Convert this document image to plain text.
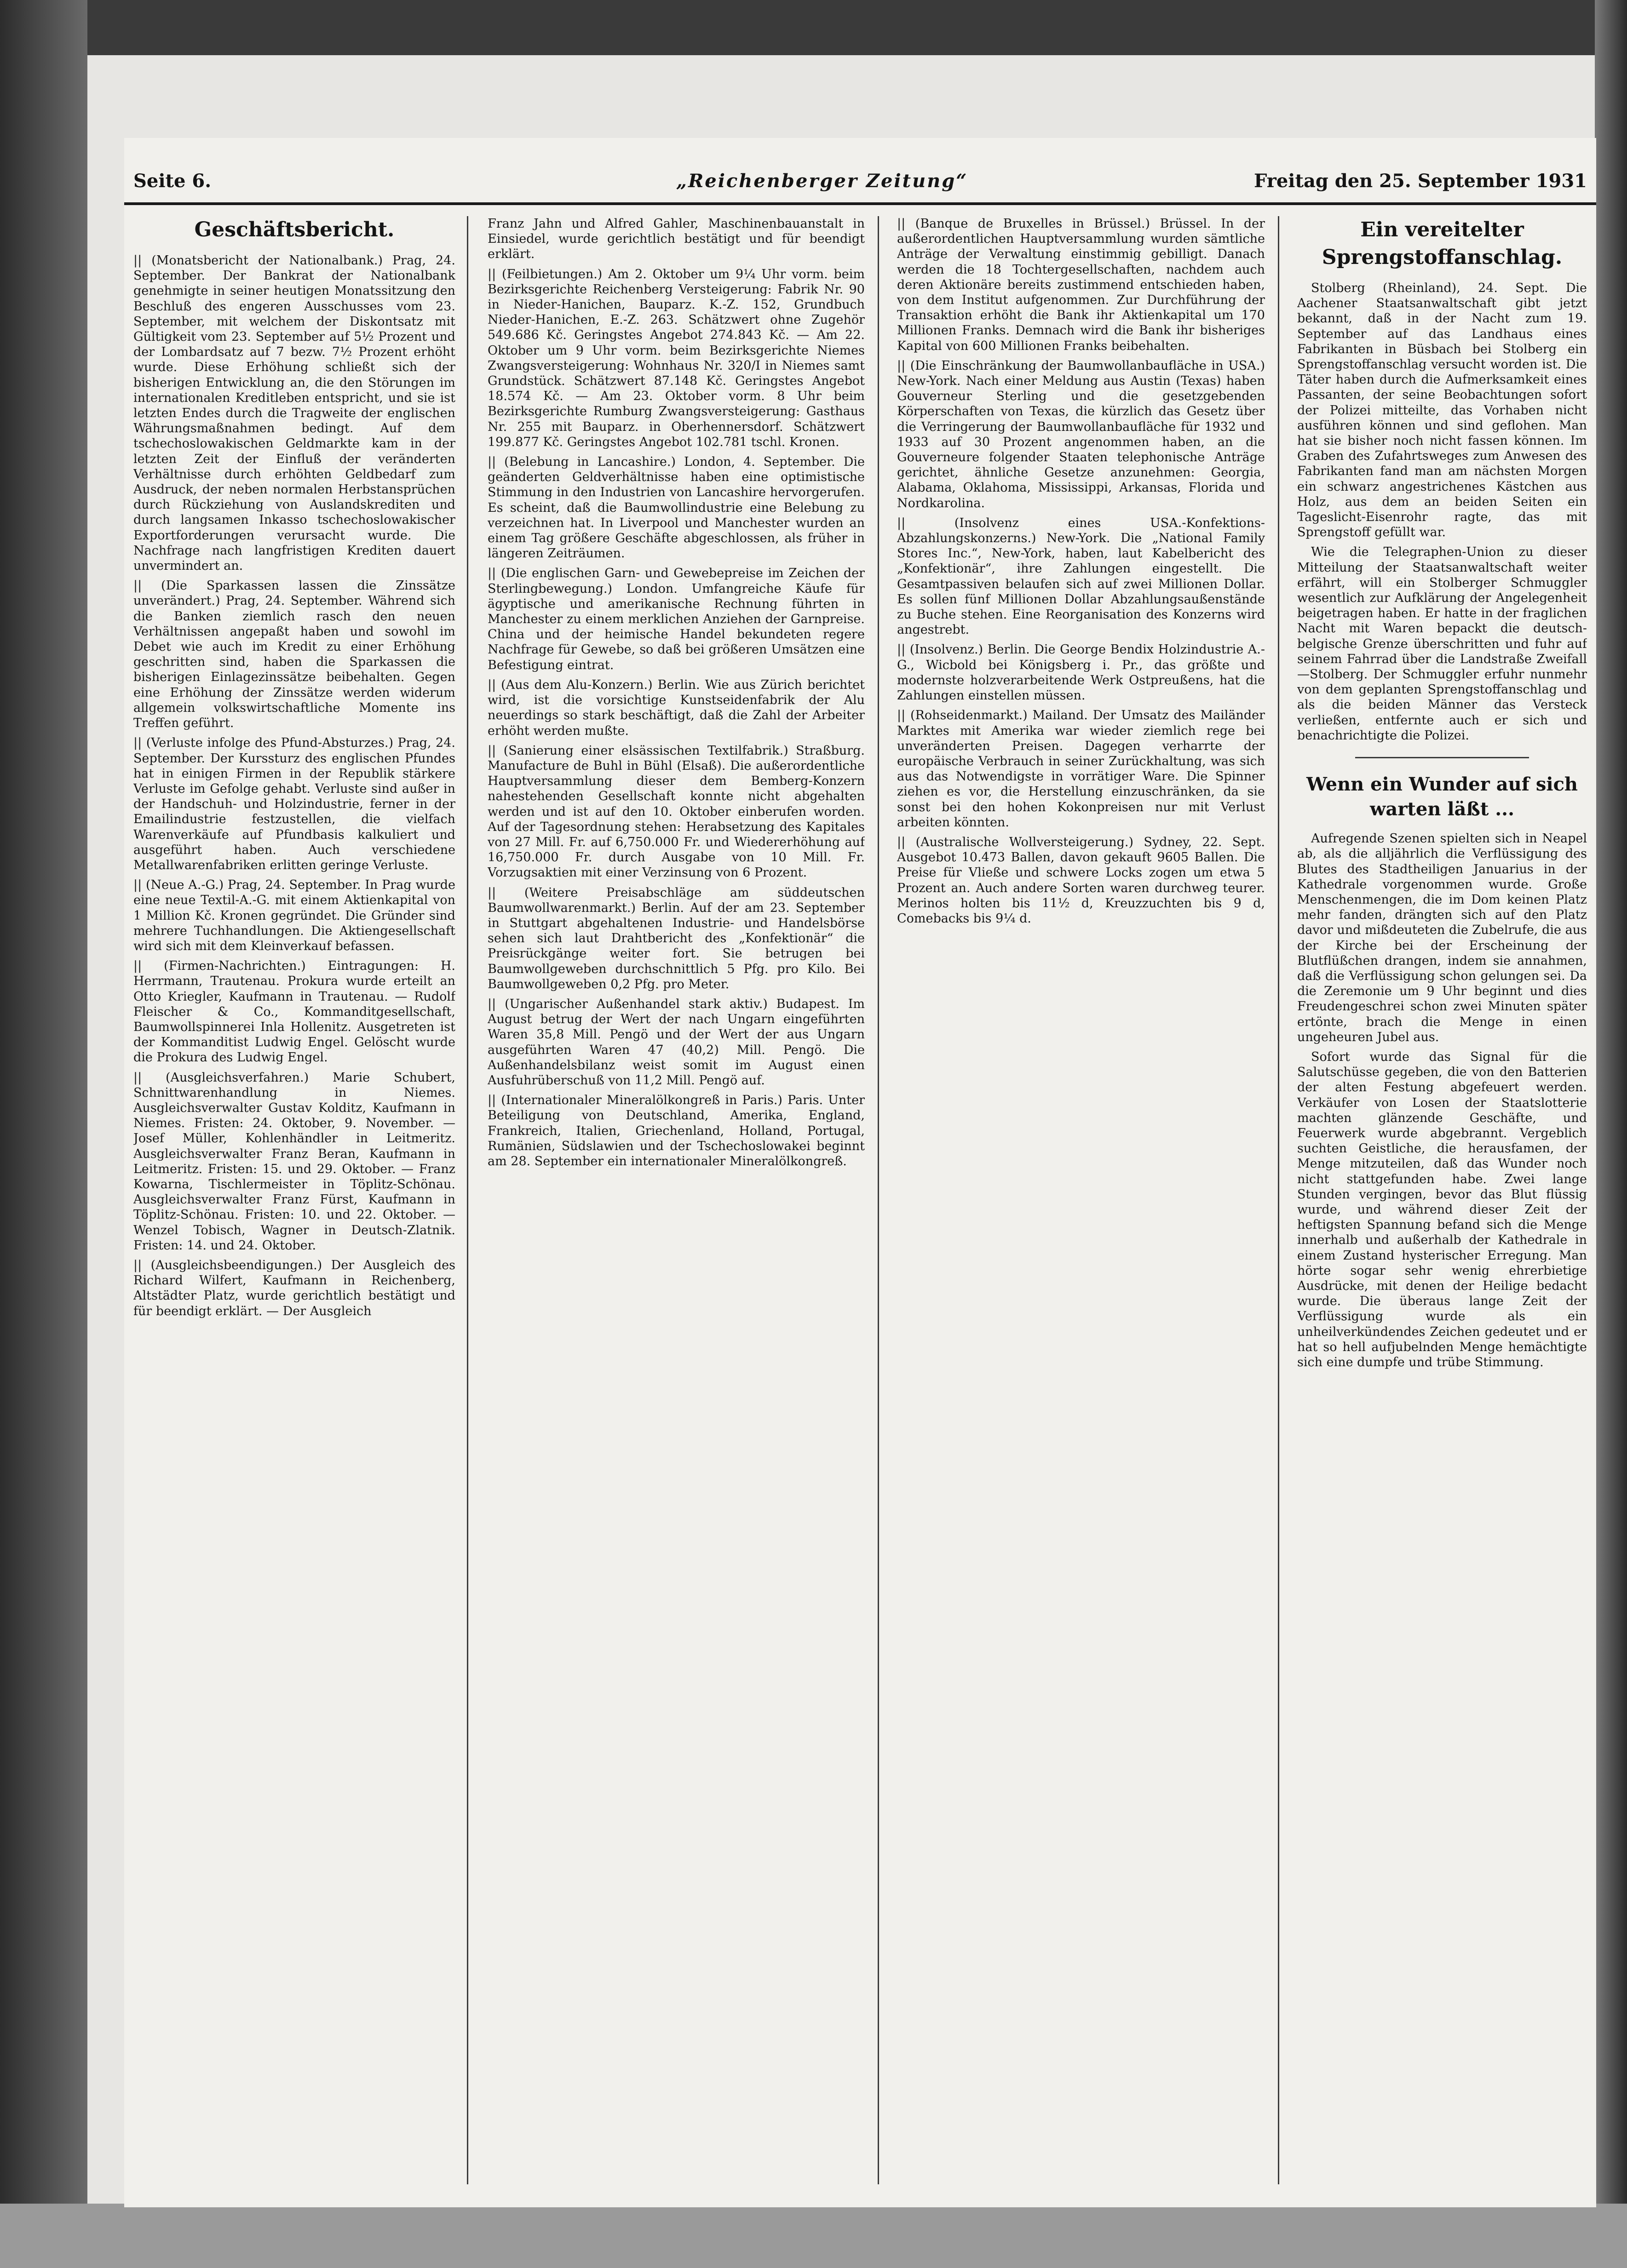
Seite 6.	„Reichenberger Zeitung“	Freitag den 25. September 1931
Geschäftsbericht.

|| (Monatsbericht der Nationalbank.) Prag, 24. September. Der Bankrat der Nationalbank genehmigte in seiner heutigen Monatssitzung den Beschluß des engeren Ausschusses vom 23. September, mit welchem der Diskontsatz mit Gültigkeit vom 23. September auf 5½ Prozent und der Lombardsatz auf 7 bezw. 7½ Prozent erhöht wurde. Diese Erhöhung schließt sich der bisherigen Entwicklung an, die den Störungen im internationalen Kreditleben entspricht, und sie ist letzten Endes durch die Tragweite der englischen Währungsmaßnahmen bedingt. Auf dem tschechoslowakischen Geldmarkte kam in der letzten Zeit der Einfluß der veränderten Verhältnisse durch erhöhten Geldbedarf zum Ausdruck, der neben normalen Herbstansprüchen durch Rückziehung von Auslandskrediten und durch langsamen Inkasso tschechoslowakischer Exportforderungen verursacht wurde. Die Nachfrage nach langfristigen Krediten dauert unvermindert an.

|| (Die Sparkassen lassen die Zinssätze unverändert.) Prag, 24. September. Während sich die Banken ziemlich rasch den neuen Verhältnissen angepaßt haben und sowohl im Debet wie auch im Kredit zu einer Erhöhung geschritten sind, haben die Sparkassen die bisherigen Einlagezinssätze beibehalten. Gegen eine Erhöhung der Zinssätze werden widerum allgemein volkswirtschaftliche Momente ins Treffen geführt.

|| (Verluste infolge des Pfund-Absturzes.) Prag, 24. September. Der Kurssturz des englischen Pfundes hat in einigen Firmen in der Republik stärkere Verluste im Gefolge gehabt. Verluste sind außer in der Handschuh- und Holzindustrie, ferner in der Emailindustrie festzustellen, die vielfach Warenverkäufe auf Pfundbasis kalkuliert und ausgeführt haben. Auch verschiedene Metallwarenfabriken erlitten geringe Verluste.

|| (Neue A.-G.) Prag, 24. September. In Prag wurde eine neue Textil-A.-G. mit einem Aktienkapital von 1 Million Kč. Kronen gegründet. Die Gründer sind mehrere Tuchhandlungen. Die Aktiengesellschaft wird sich mit dem Kleinverkauf befassen.

|| (Firmen-Nachrichten.) Eintragungen: H. Herrmann, Trautenau. Prokura wurde erteilt an Otto Kriegler, Kaufmann in Trautenau. — Rudolf Fleischer & Co., Kommanditgesellschaft, Baumwollspinnerei Inla Hollenitz. Ausgetreten ist der Kommanditist Ludwig Engel. Gelöscht wurde die Prokura des Ludwig Engel.

|| (Ausgleichsverfahren.) Marie Schubert, Schnittwarenhandlung in Niemes. Ausgleichsverwalter Gustav Kolditz, Kaufmann in Niemes. Fristen: 24. Oktober, 9. November. — Josef Müller, Kohlenhändler in Leitmeritz. Ausgleichsverwalter Franz Beran, Kaufmann in Leitmeritz. Fristen: 15. und 29. Oktober. — Franz Kowarna, Tischlermeister in Töplitz-Schönau. Ausgleichsverwalter Franz Fürst, Kaufmann in Töplitz-Schönau. Fristen: 10. und 22. Oktober. — Wenzel Tobisch, Wagner in Deutsch-Zlatnik. Fristen: 14. und 24. Oktober.

|| (Ausgleichsbeendigungen.) Der Ausgleich des Richard Wilfert, Kaufmann in Reichenberg, Altstädter Platz, wurde gerichtlich bestätigt und für beendigt erklärt. — Der Ausgleich

Franz Jahn und Alfred Gahler, Maschinenbauanstalt in Einsiedel, wurde gerichtlich bestätigt und für beendigt erklärt.

|| (Feilbietungen.) Am 2. Oktober um 9¼ Uhr vorm. beim Bezirksgerichte Reichenberg Versteigerung: Fabrik Nr. 90 in Nieder-Hanichen, Bauparz. K.-Z. 152, Grundbuch Nieder-Hanichen, E.-Z. 263. Schätzwert ohne Zugehör 549.686 Kč. Geringstes Angebot 274.843 Kč. — Am 22. Oktober um 9 Uhr vorm. beim Bezirksgerichte Niemes Zwangsversteigerung: Wohnhaus Nr. 320/I in Niemes samt Grundstück. Schätzwert 87.148 Kč. Geringstes Angebot 18.574 Kč. — Am 23. Oktober vorm. 8 Uhr beim Bezirksgerichte Rumburg Zwangsversteigerung: Gasthaus Nr. 255 mit Bauparz. in Oberhennersdorf. Schätzwert 199.877 Kč. Geringstes Angebot 102.781 tschl. Kronen.

|| (Belebung in Lancashire.) London, 4. September. Die geänderten Geldverhältnisse haben eine optimistische Stimmung in den Industrien von Lancashire hervorgerufen. Es scheint, daß die Baumwollindustrie eine Belebung zu verzeichnen hat. In Liverpool und Manchester wurden an einem Tag größere Geschäfte abgeschlossen, als früher in längeren Zeiträumen.

|| (Die englischen Garn- und Gewebepreise im Zeichen der Sterlingbewegung.) London. Umfangreiche Käufe für ägyptische und amerikanische Rechnung führten in Manchester zu einem merklichen Anziehen der Garnpreise. China und der heimische Handel bekundeten regere Nachfrage für Gewebe, so daß bei größeren Umsätzen eine Befestigung eintrat.

|| (Aus dem Alu-Konzern.) Berlin. Wie aus Zürich berichtet wird, ist die vorsichtige Kunstseidenfabrik der Alu neuerdings so stark beschäftigt, daß die Zahl der Arbeiter erhöht werden mußte.

|| (Sanierung einer elsässischen Textilfabrik.) Straßburg. Manufacture de Buhl in Bühl (Elsaß). Die außerordentliche Hauptversammlung dieser dem Bemberg-Konzern nahestehenden Gesellschaft konnte nicht abgehalten werden und ist auf den 10. Oktober einberufen worden. Auf der Tagesordnung stehen: Herabsetzung des Kapitales von 27 Mill. Fr. auf 6,750.000 Fr. und Wiedererhöhung auf 16,750.000 Fr. durch Ausgabe von 10 Mill. Fr. Vorzugsaktien mit einer Verzinsung von 6 Prozent.

|| (Weitere Preisabschläge am süddeutschen Baumwollwarenmarkt.) Berlin. Auf der am 23. September in Stuttgart abgehaltenen Industrie- und Handelsbörse sehen sich laut Drahtbericht des „Konfektionär“ die Preisrückgänge weiter fort. Sie betrugen bei Baumwollgeweben durchschnittlich 5 Pfg. pro Kilo. Bei Baumwollgeweben 0,2 Pfg. pro Meter.

|| (Ungarischer Außenhandel stark aktiv.) Budapest. Im August betrug der Wert der nach Ungarn eingeführten Waren 35,8 Mill. Pengö und der Wert der aus Ungarn ausgeführten Waren 47 (40,2) Mill. Pengö. Die Außenhandelsbilanz weist somit im August einen Ausfuhrüberschuß von 11,2 Mill. Pengö auf.

|| (Internationaler Mineralölkongreß in Paris.) Paris. Unter Beteiligung von Deutschland, Amerika, England, Frankreich, Italien, Griechenland, Holland, Portugal, Rumänien, Südslawien und der Tschechoslowakei beginnt am 28. September ein internationaler Mineralölkongreß.

|| (Banque de Bruxelles in Brüssel.) Brüssel. In der außerordentlichen Hauptversammlung wurden sämtliche Anträge der Verwaltung einstimmig gebilligt. Danach werden die 18 Tochtergesellschaften, nachdem auch deren Aktionäre bereits zustimmend entschieden haben, von dem Institut aufgenommen. Zur Durchführung der Transaktion erhöht die Bank ihr Aktienkapital um 170 Millionen Franks. Demnach wird die Bank ihr bisheriges Kapital von 600 Millionen Franks beibehalten.

|| (Die Einschränkung der Baumwollanbaufläche in USA.) New-York. Nach einer Meldung aus Austin (Texas) haben Gouverneur Sterling und die gesetzgebenden Körperschaften von Texas, die kürzlich das Gesetz über die Verringerung der Baumwollanbaufläche für 1932 und 1933 auf 30 Prozent angenommen haben, an die Gouverneure folgender Staaten telephonische Anträge gerichtet, ähnliche Gesetze anzunehmen: Georgia, Alabama, Oklahoma, Mississippi, Arkansas, Florida und Nordkarolina.

|| (Insolvenz eines USA.-Konfektions-Abzahlungskonzerns.) New-York. Die „National Family Stores Inc.“, New-York, haben, laut Kabelbericht des „Konfektionär“, ihre Zahlungen eingestellt. Die Gesamtpassiven belaufen sich auf zwei Millionen Dollar. Es sollen fünf Millionen Dollar Abzahlungsaußenstände zu Buche stehen. Eine Reorganisation des Konzerns wird angestrebt.

|| (Insolvenz.) Berlin. Die George Bendix Holzindustrie A.-G., Wicbold bei Königsberg i. Pr., das größte und modernste holzverarbeitende Werk Ostpreußens, hat die Zahlungen einstellen müssen.

|| (Rohseidenmarkt.) Mailand. Der Umsatz des Mailänder Marktes mit Amerika war wieder ziemlich rege bei unveränderten Preisen. Dagegen verharrte der europäische Verbrauch in seiner Zurückhaltung, was sich aus das Notwendigste in vorrätiger Ware. Die Spinner ziehen es vor, die Herstellung einzuschränken, da sie sonst bei den hohen Kokonpreisen nur mit Verlust arbeiten könnten.

|| (Australische Wollversteigerung.) Sydney, 22. Sept. Ausgebot 10.473 Ballen, davon gekauft 9605 Ballen. Die Preise für Vließe und schwere Locks zogen um etwa 5 Prozent an. Auch andere Sorten waren durchweg teurer. Merinos holten bis 11½ d, Kreuzzuchten bis 9 d, Comebacks bis 9¼ d.

Ein vereitelter Sprengstoffanschlag.

Stolberg (Rheinland), 24. Sept. Die Aachener Staatsanwaltschaft gibt jetzt bekannt, daß in der Nacht zum 19. September auf das Landhaus eines Fabrikanten in Büsbach bei Stolberg ein Sprengstoffanschlag versucht worden ist. Die Täter haben durch die Aufmerksamkeit eines Passanten, der seine Beobachtungen sofort der Polizei mitteilte, das Vorhaben nicht ausführen können und sind geflohen. Man hat sie bisher noch nicht fassen können. Im Graben des Zufahrtsweges zum Anwesen des Fabrikanten fand man am nächsten Morgen ein schwarz angestrichenes Kästchen aus Holz, aus dem an beiden Seiten ein Tageslicht-Eisenrohr ragte, das mit Sprengstoff gefüllt war.

Wie die Telegraphen-Union zu dieser Mitteilung der Staatsanwaltschaft weiter erfährt, will ein Stolberger Schmuggler wesentlich zur Aufklärung der Angelegenheit beigetragen haben. Er hatte in der fraglichen Nacht mit Waren bepackt die deutsch-belgische Grenze überschritten und fuhr auf seinem Fahrrad über die Landstraße Zweifall—Stolberg. Der Schmuggler erfuhr nunmehr von dem geplanten Sprengstoffanschlag und als die beiden Männer das Versteck verließen, entfernte auch er sich und benachrichtigte die Polizei.

Wenn ein Wunder auf sich warten läßt ...

Aufregende Szenen spielten sich in Neapel ab, als die alljährlich die Verflüssigung des Blutes des Stadtheiligen Januarius in der Kathedrale vorgenommen wurde. Große Menschenmengen, die im Dom keinen Platz mehr fanden, drängten sich auf den Platz davor und mißdeuteten die Zubelrufe, die aus der Kirche bei der Erscheinung der Blutflüßchen drangen, indem sie annahmen, daß die Verflüssigung schon gelungen sei. Da die Zeremonie um 9 Uhr beginnt und dies Freudengeschrei schon zwei Minuten später ertönte, brach die Menge in einen ungeheuren Jubel aus.

Sofort wurde das Signal für die Salutschüsse gegeben, die von den Batterien der alten Festung abgefeuert werden. Verkäufer von Losen der Staatslotterie machten glänzende Geschäfte, und Feuerwerk wurde abgebrannt. Vergeblich suchten Geistliche, die herausfamen, der Menge mitzuteilen, daß das Wunder noch nicht stattgefunden habe. Zwei lange Stunden vergingen, bevor das Blut flüssig wurde, und während dieser Zeit der heftigsten Spannung befand sich die Menge innerhalb und außerhalb der Kathedrale in einem Zustand hysterischer Erregung. Man hörte sogar sehr wenig ehrerbietige Ausdrücke, mit denen der Heilige bedacht wurde. Die überaus lange Zeit der Verflüssigung wurde als ein unheilverkündendes Zeichen gedeutet und er hat so hell aufjubelnden Menge hemächtigte sich eine dumpfe und trübe Stimmung.
